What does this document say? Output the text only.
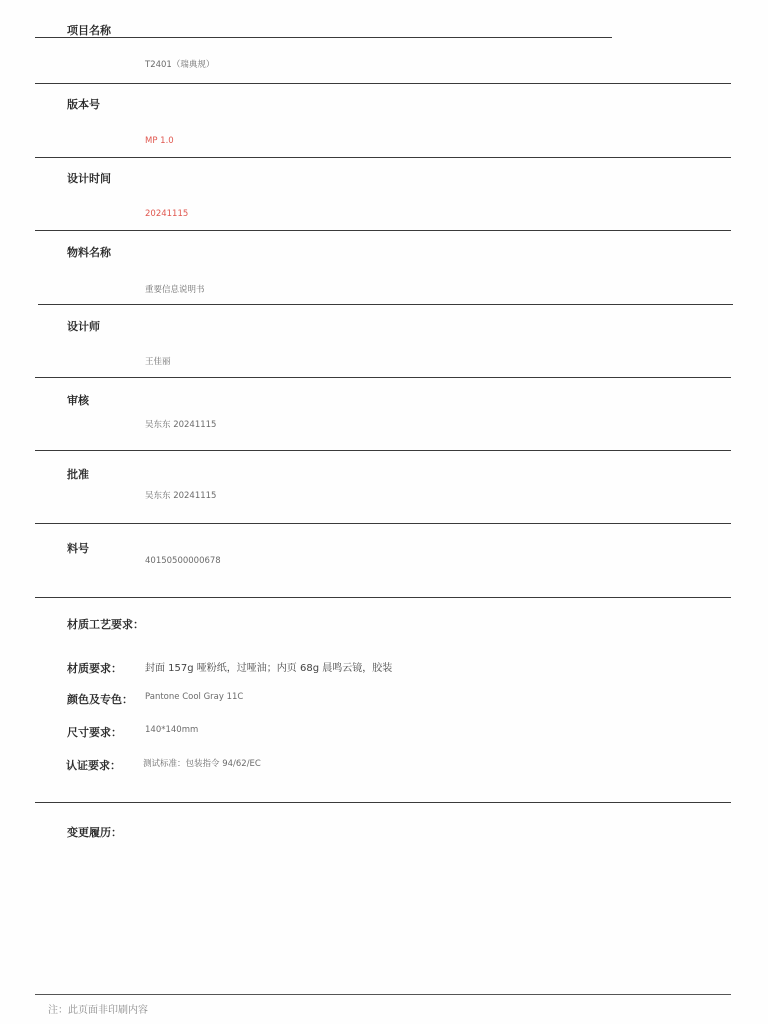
项目名称
T2401（瑞典规）
版本号
MP 1.0
设计时间
20241115
物料名称
重要信息说明书
设计师
王佳丽
审核
吴东东 20241115
批准
吴东东 20241115
料号
40150500000678
材质工艺要求：
材质要求： 封面 157g 哑粉纸，过哑油；内页 68g 晨鸣云镜，胶装
颜色及专色： Pantone Cool Gray 11C
尺寸要求：	140*140mm
认证要求：	测试标准：包装指令 94/62/EC
变更履历：
注：此页面非印刷内容
